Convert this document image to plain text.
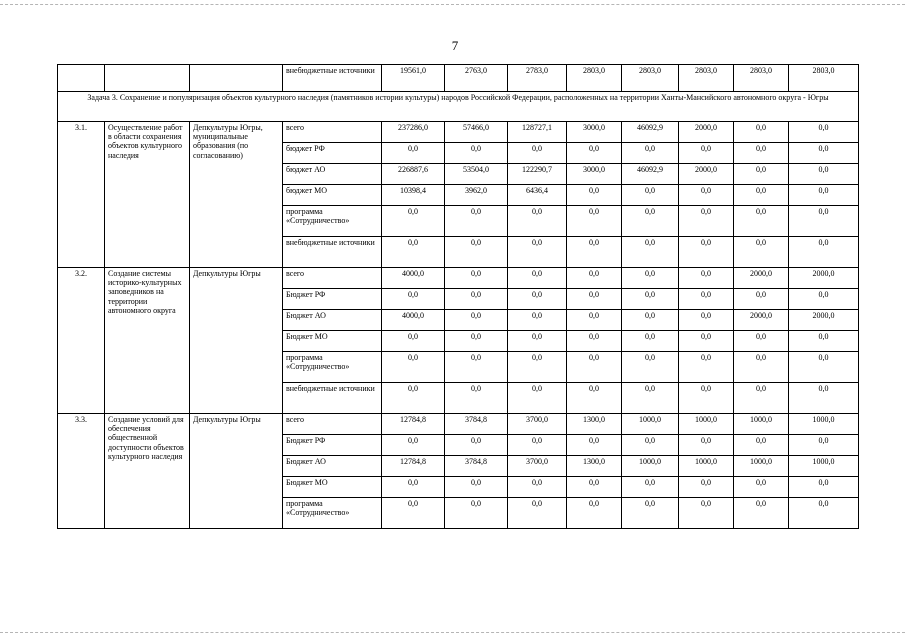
7
			внебюджетные источники	19561,0	2763,0	2783,0	2803,0	2803,0	2803,0	2803,0	2803,0
Задача 3. Сохранение и популяризация объектов культурного наследия (памятников истории культуры) народов Российской Федерации, расположенных на территории Ханты-Мансийского автономного округа - Югры											
3.1.	Осуществление работ в области сохранения объектов культурного наследия	Депкультуры Югры, муниципальные образования (по согласованию)	всего	237286,0	57466,0	128727,1	3000,0	46092,9	2000,0	0,0	0,0
			бюджет РФ	0,0	0,0	0,0	0,0	0,0	0,0	0,0	0,0
			бюджет АО	226887,6	53504,0	122290,7	3000,0	46092,9	2000,0	0,0	0,0
			бюджет МО	10398,4	3962,0	6436,4	0,0	0,0	0,0	0,0	0,0
			программа «Сотрудничество»	0,0	0,0	0,0	0,0	0,0	0,0	0,0	0,0
			внебюджетные источники	0,0	0,0	0,0	0,0	0,0	0,0	0,0	0,0
3.2.	Создание системы историко-культурных заповедников на территории автономного округа	Депкультуры Югры	всего	4000,0	0,0	0,0	0,0	0,0	0,0	2000,0	2000,0
			Бюджет РФ	0,0	0,0	0,0	0,0	0,0	0,0	0,0	0,0
			Бюджет АО	4000,0	0,0	0,0	0,0	0,0	0,0	2000,0	2000,0
			Бюджет МО	0,0	0,0	0,0	0,0	0,0	0,0	0,0	0,0
			программа «Сотрудничество»	0,0	0,0	0,0	0,0	0,0	0,0	0,0	0,0
			внебюджетные источники	0,0	0,0	0,0	0,0	0,0	0,0	0,0	0,0
3.3.	Создание условий для обеспечения общественной доступности объектов культурного наследия	Депкультуры Югры	всего	12784,8	3784,8	3700,0	1300,0	1000,0	1000,0	1000,0	1000,0
			Бюджет РФ	0,0	0,0	0,0	0,0	0,0	0,0	0,0	0,0
			Бюджет АО	12784,8	3784,8	3700,0	1300,0	1000,0	1000,0	1000,0	1000,0
			Бюджет МО	0,0	0,0	0,0	0,0	0,0	0,0	0,0	0,0
			программа «Сотрудничество»	0,0	0,0	0,0	0,0	0,0	0,0	0,0	0,0
